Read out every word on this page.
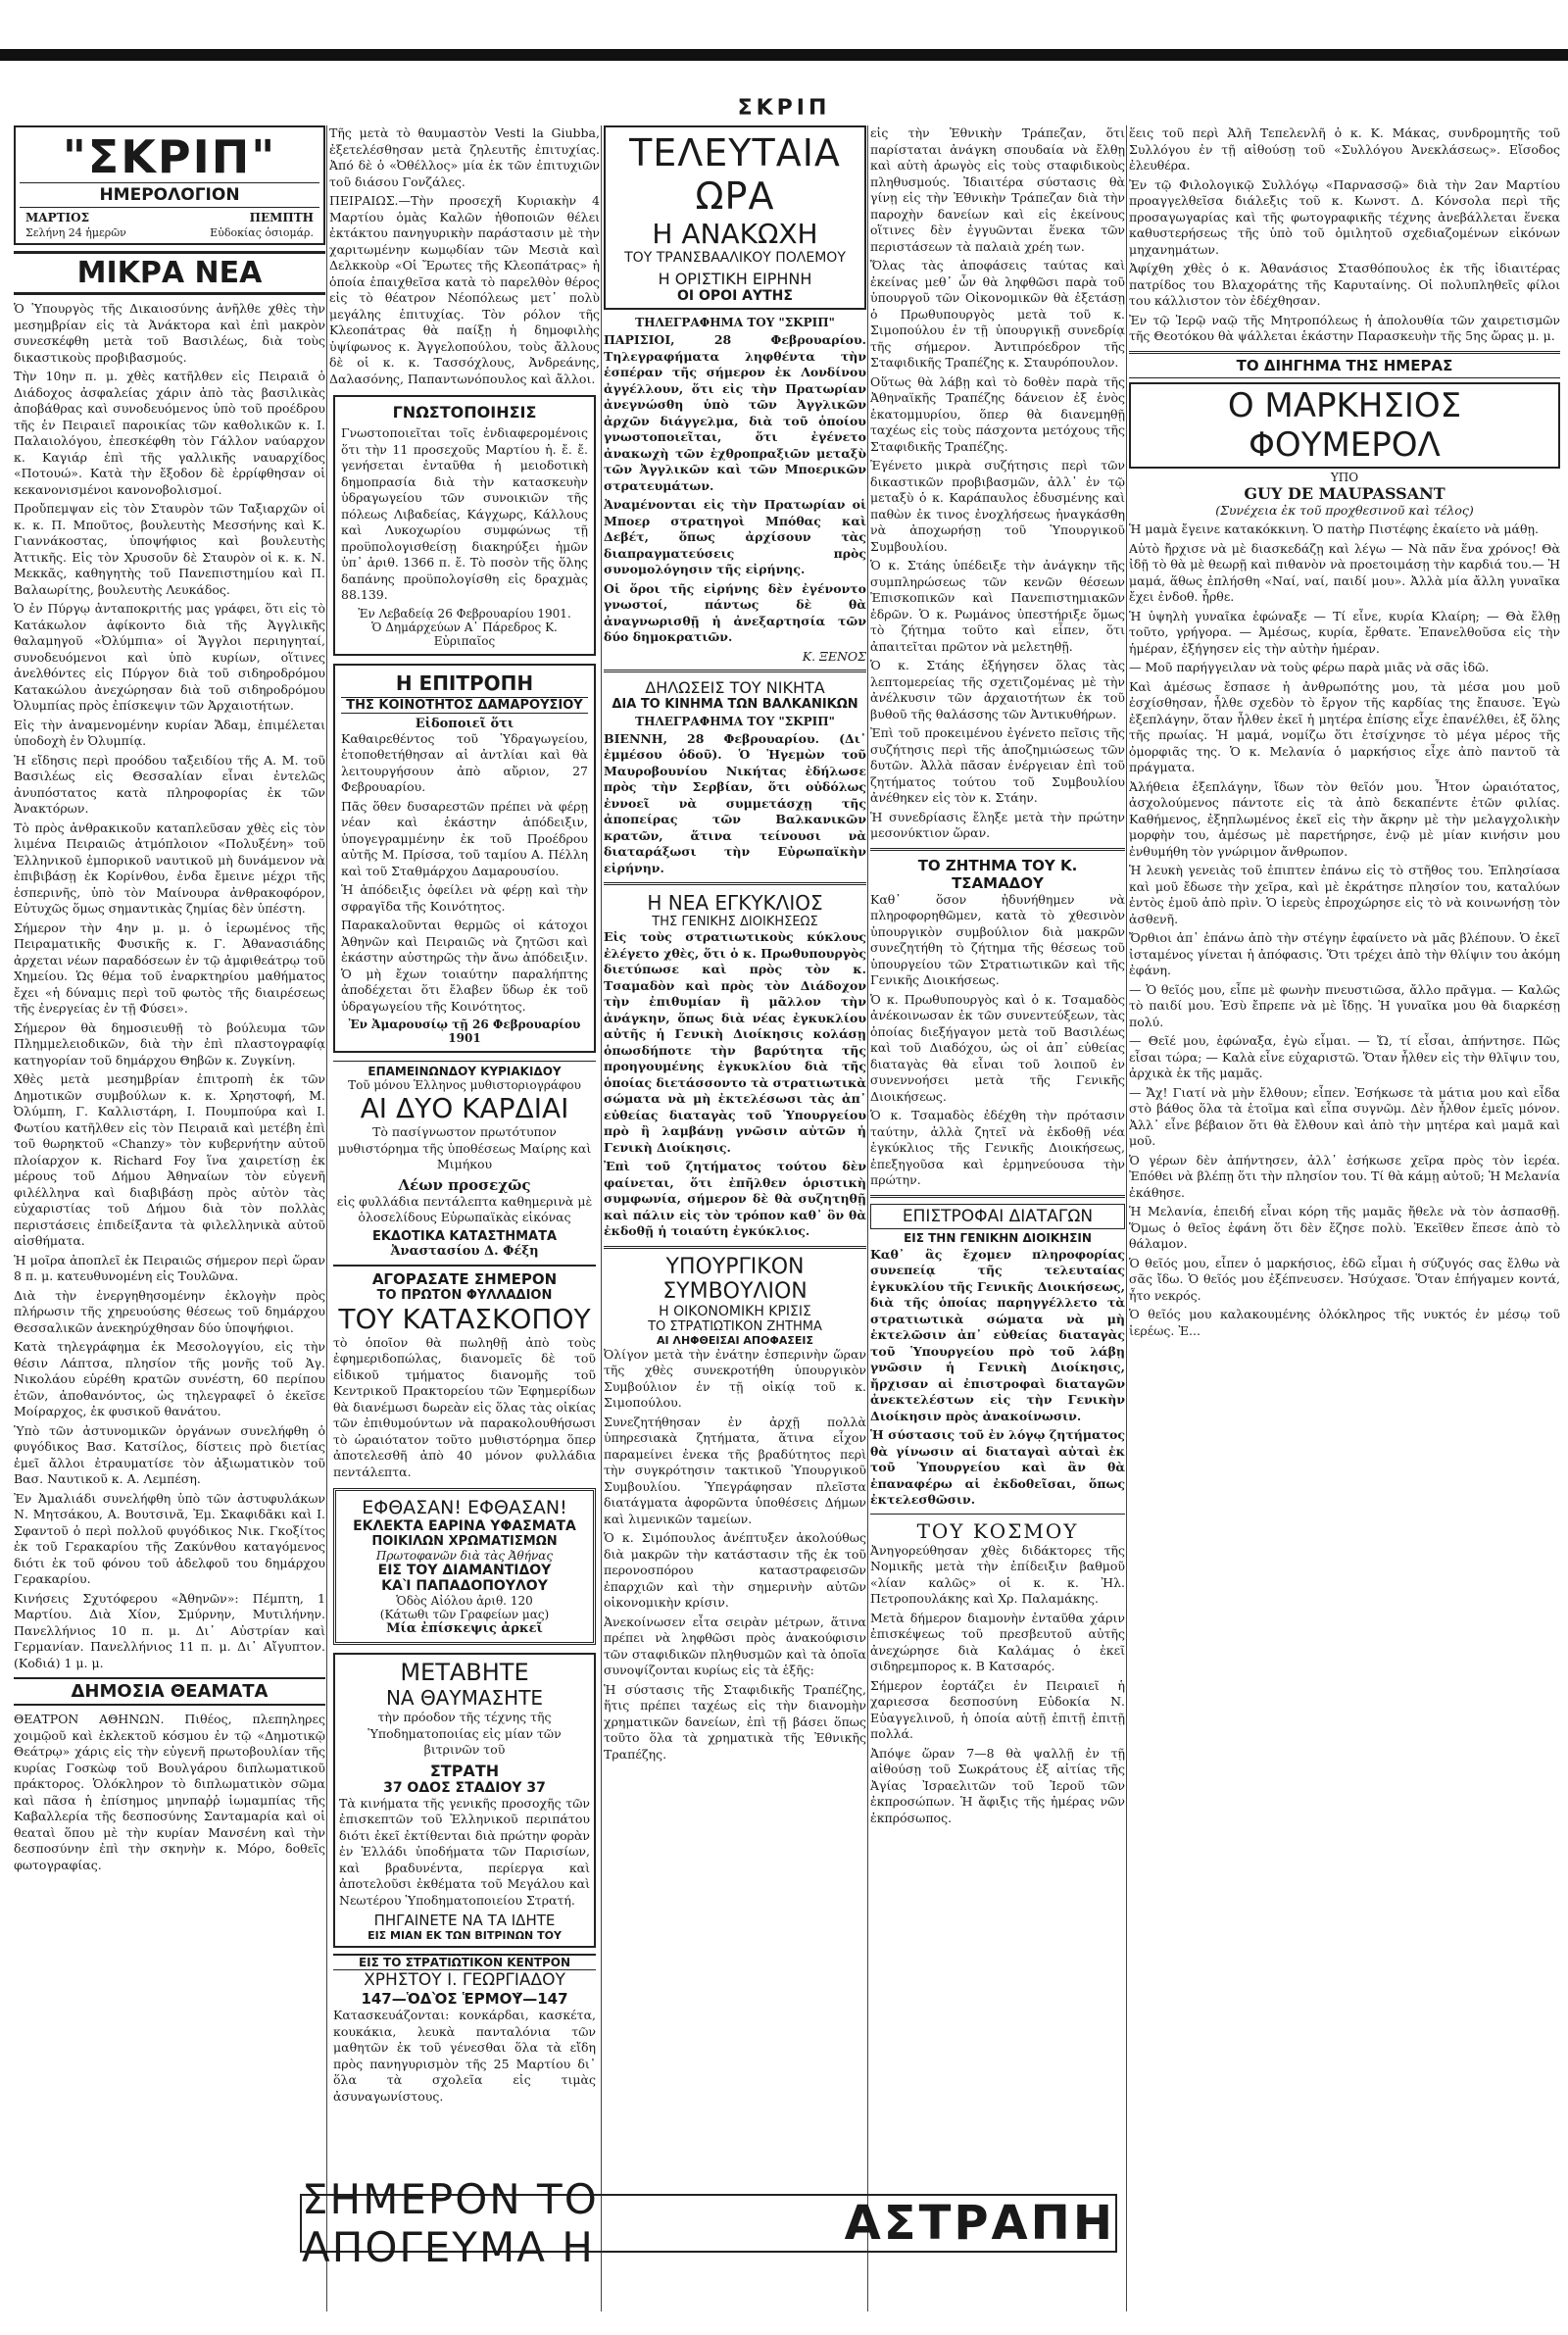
ΣΚΡΙΠ
"ΣΚΡΙΠ"
ΗΜΕΡΟΛΟΓΙΟΝ
ΜΑΡΤΙΟΣ	ΠΕΜΠΤΗ
Σελήνη 24 ἡμερῶν	Εὐδοκίας ὁσιομάρ.
ΜΙΚΡΑ ΝΕΑ

Ὁ Ὑπουργὸς τῆς Δικαιοσύνης ἀνῆλθε χθὲς τὴν μεσημβρίαν εἰς τὰ Ἀνάκτορα καὶ ἐπὶ μακρὸν συνεσκέφθη μετὰ τοῦ Βασιλέως, διὰ τοὺς δικαστικοὺς προβιβασμούς.

Τὴν 10ην π. μ. χθὲς κατῆλθεν εἰς Πειραιᾶ ὁ Διάδοχος ἀσφαλείας χάριν ἀπὸ τὰς βασιλικὰς ἀποβάθρας καὶ συνοδευόμενος ὑπὸ τοῦ προέδρου τῆς ἐν Πειραιεῖ παροικίας τῶν καθολικῶν κ. Ι. Παλαιολόγου, ἐπεσκέφθη τὸν Γάλλον ναύαρχον κ. Καγιάρ ἐπὶ τῆς γαλλικῆς ναυαρχίδος «Ποτουώ». Κατὰ τὴν ἔξοδον δὲ ἐρρίφθησαν οἱ κεκανονισμένοι κανονοβολισμοί.

Προὔπεμψαν εἰς τὸν Σταυρὸν τῶν Ταξιαρχῶν οἱ κ. κ. Π. Μποῦτος, βουλευτὴς Μεσσήνης καὶ Κ. Γιαννάκοστας, ὑποψήφιος καὶ βουλευτὴς Ἀττικῆς. Εἰς τὸν Χρυσοῦν δὲ Σταυρὸν οἱ κ. κ. Ν. Μεκκᾶς, καθηγητὴς τοῦ Πανεπιστημίου καὶ Π. Βαλαωρίτης, βουλευτὴς Λευκάδος.

Ὁ ἐν Πύργῳ ἀνταποκριτής μας γράφει, ὅτι εἰς τὸ Κατάκωλον ἀφίκοντο διὰ τῆς Ἀγγλικῆς θαλαμηγοῦ «Ὀλύμπια» οἱ Ἄγγλοι περιηγηταί, συνοδευόμενοι καὶ ὑπὸ κυρίων, οἵτινες ἀνελθόντες εἰς Πύργον διὰ τοῦ σιδηροδρόμου Κατακώλου ἀνεχώρησαν διὰ τοῦ σιδηροδρόμου Ὀλυμπίας πρὸς ἐπίσκεψιν τῶν Ἀρχαιοτήτων.

Εἰς τὴν ἀναμενομένην κυρίαν Ἄδαμ, ἐπιμέλεται ὑποδοχὴ ἐν Ὀλυμπίᾳ.

Ἡ εἴδησις περὶ προόδου ταξειδίου τῆς Α. Μ. τοῦ Βασιλέως εἰς Θεσσαλίαν εἶναι ἐντελῶς ἀνυπόστατος κατὰ πληροφορίας ἐκ τῶν Ἀνακτόρων.

Τὸ πρὸς ἀνθρακικοῦν καταπλεῦσαν χθὲς εἰς τὸν λιμένα Πειραιῶς ἀτμόπλοιον «Πολυξένη» τοῦ Ἐλληνικοῦ ἐμπορικοῦ ναυτικοῦ μὴ δυνάμενον νὰ ἐπιβιβάσῃ ἐκ Κορίνθου, ἐνδα ἔμεινε μέχρι τῆς ἑσπερινῆς, ὑπὸ τὸν Μαίνουρα ἀνθρακοφόρον, Εὐτυχῶς ὅμως σημαντικὰς ζημίας δὲν ὑπέστη.

Σήμερον τὴν 4ην μ. μ. ὁ ἱερωμένος τῆς Πειραματικῆς Φυσικῆς κ. Γ. Ἀθανασιάδης ἀρχεται νέων παραδόσεων ἐν τῷ ἀμφιθεάτρῳ τοῦ Χημείου. Ὡς θέμα τοῦ ἐναρκτηρίου μαθήματος ἔχει «ἡ δύναμις περὶ τοῦ φωτὸς τῆς διαιρέσεως τῆς ἐνεργείας ἐν τῇ Φύσει».

Σήμερον θὰ δημοσιευθῇ τὸ βούλευμα τῶν Πλημμελειοδικῶν, διὰ τὴν ἐπὶ πλαστογραφίᾳ κατηγορίαν τοῦ δημάρχου Θηβῶν κ. Ζυγκίνη.

Χθὲς μετὰ μεσημβρίαν ἐπιτροπὴ ἐκ τῶν Δημοτικῶν συμβούλων κ. κ. Χρηστοφή, Μ. Ὀλύμπη, Γ. Καλλιστάρη, Ι. Πουμπούρα καὶ Ι. Φωτίου κατῆλθεν εἰς τὸν Πειραιᾶ καὶ μετέβη ἐπὶ τοῦ θωρηκτοῦ «Chanzy» τὸν κυβερνήτην αὐτοῦ πλοίαρχον κ. Richard Foy ἵνα χαιρετίσῃ ἐκ μέρους τοῦ Δήμου Ἀθηναίων τὸν εὐγενῆ φιλέλληνα καὶ διαβιβάσῃ πρὸς αὐτὸν τὰς εὐχαριστίας τοῦ Δήμου διὰ τὸν πολλὰς περιστάσεις ἐπιδείξαντα τὰ φιλελληνικὰ αὐτοῦ αἰσθήματα.

Ἡ μοῖρα ἀποπλεῖ ἐκ Πειραιῶς σήμερον περὶ ὥραν 8 π. μ. κατευθυνομένη εἰς Τουλῶνα.

Διὰ τὴν ἐνεργηθησομένην ἐκλογὴν πρὸς πλήρωσιν τῆς χηρευούσης θέσεως τοῦ δημάρχου Θεσσαλικῶν ἀνεκηρύχθησαν δύο ὑποψήφιοι.

Κατὰ τηλεγράφημα ἐκ Μεσολογγίου, εἰς τὴν θέσιν Λάπτσα, πλησίον τῆς μονῆς τοῦ Ἁγ. Νικολάου εὑρέθη κρατῶν συνέστη, 60 περίπου ἐτῶν, ἀποθανόντος, ὡς τηλεγραφεῖ ὁ ἐκεῖσε Μοίραρχος, ἐκ φυσικοῦ θανάτου.

Ὑπὸ τῶν ἀστυνομικῶν ὀργάνων συνελήφθη ὁ φυγόδικος Βασ. Κατσίλος, δίστεις πρὸ διετίας ἐμεῖ ἄλλοι ἐτραυματίσε τὸν ἀξιωματικὸν τοῦ Βασ. Ναυτικοῦ κ. Α. Λεμπέση.

Ἐν Ἀμαλιάδι συνελήφθη ὑπὸ τῶν ἀστυφυλάκων Ν. Μητσάκου, Α. Βουτσινᾶ, Ἐμ. Σκαφιδᾶκι καὶ Ι. Σφαντοῦ ὁ περὶ πολλοῦ φυγόδικος Νικ. Γκοξίτος ἐκ τοῦ Γερακαρίου τῆς Ζακύνθου καταγόμενος διότι ἐκ τοῦ φόνου τοῦ ἀδελφοῦ του δημάρχου Γερακαρίου.

Κινήσεις Σχυτόφερου «Ἀθηνῶν»: Πέμπτη, 1 Μαρτίου. Διὰ Χίον, Σμύρνην, Μυτιλήνην. Πανελλήνιος 10 π. μ. Δι᾽ Αὐστρίαν καὶ Γερμανίαν. Πανελλήνιος 11 π. μ. Δι᾽ Αἴγυπτον. (Κοδιά) 1 μ. μ.

ΔΗΜΟΣΙΑ ΘΕΑΜΑΤΑ

ΘΕΑΤΡΟΝ ΑΘΗΝΩΝ. Πιθέος, πλεπηληρες χοιμῷοῦ καὶ ἐκλεκτοῦ κόσμου ἐν τῷ «Δημοτικῷ Θεάτρῳ» χάρις εἰς τὴν εὐγενῆ πρωτοβουλίαν τῆς κυρίας Γοσκὼφ τοῦ Βουλγάρου διπλωματικοῦ πράκτορος. Ὁλόκληρον τὸ διπλωματικὸν σῶμα καὶ πᾶσα ἡ ἐπίσημος μηνπαῤῥ ἰωμαμπίας τῆς Καβαλλερία τῆς δεσποσύνης Σανταμαρία καὶ οἱ θεαταὶ ὅπου μὲ τὴν κυρίαν Μανσένη καὶ τὴν δεσποσύνην ἐπὶ τὴν σκηνὴν κ. Μόρο, δοθεῖς φωτογραφίας.

Τῆς μετὰ τὸ θαυμαστὸν Vesti la Giubba, ἐξετελέσθησαν μετὰ ζηλευτῆς ἐπιτυχίας. Ἀπό δὲ ὁ «Ὀθέλλος» μία ἐκ τῶν ἐπιτυχιῶν τοῦ διάσου Γονζάλες.

ΠΕΙΡΑΙΩΣ.—Τὴν προσεχῆ Κυριακὴν 4 Μαρτίου ὁμὰς Καλῶν ἠθοποιῶν θέλει ἐκτάκτου πανηγυρικὴν παράστασιν μὲ τὴν χαριτωμένην κωμῳδίαν τῶν Μεσιὰ καὶ Δελκκοὺρ «Οἱ Ἔρωτες τῆς Κλεοπάτρας» ἡ ὁποία ἐπαιχθεῖσα κατὰ τὸ παρελθὸν θέρος εἰς τὸ θέατρον Νέοπόλεως μετ᾽ πολὺ μεγάλης ἐπιτυχίας. Τὸν ρόλον τῆς Κλεοπάτρας θὰ παίξῃ ἡ δημοφιλὴς ὑψίφωνος κ. Ἀγγελοπούλου, τοὺς ἄλλους δὲ οἱ κ. κ. Τασσόχλους, Ἀνδρεάνης, Δαλασόνης, Παπαντωνόπουλος καὶ ἄλλοι.

ΓΝΩΣΤΟΠΟΙΗΣΙΣ

Γνωστοποιεῖται τοῖς ἐνδιαφερομένοις ὅτι τὴν 11 προσεχοῦς Μαρτίου ἡ. ἔ. ἔ. γενήσεται ἐνταῦθα ἡ μειοδοτικὴ δημοπρασία διὰ τὴν κατασκευὴν ὑδραγωγείου τῶν συνοικιῶν τῆς πόλεως Λιβαδείας, Κάγχωρς, Κάλλους καὶ Λυκοχωρίου συμφώνως τῇ προϋπολογισθείσῃ διακηρύξει ἡμῶν ὑπ᾽ ἀριθ. 1366 π. ἔ. Τὸ ποσὸν τῆς ὅλης δαπάνης προϋπολογίσθη εἰς δραχμὰς 88.139.

Ἐν Λεβαδείᾳ 26 Φεβρουαρίου 1901.
Ὁ Δημάρχεύων Α᾽ Πάρεδρος Κ. Εὐριπαῖος
Η ΕΠΙΤΡΟΠΗ
ΤΗΣ ΚΟΙΝΟΤΗΤΟΣ ΔΑΜΑΡΟΥΣΙΟΥ
Εἰδοποιεῖ ὅτι

Καθαιρεθέντος τοῦ Ὑδραγωγείου, ἐτοποθετήθησαν αἱ ἀντλίαι καὶ θὰ λειτουργήσουν ἀπὸ αὔριον, 27 Φεβρουαρίου.

Πᾶς ὅθεν δυσαρεστῶν πρέπει νὰ φέρῃ νέαν καὶ ἐκάστην ἀπόδειξιν, ὑπογεγραμμένην ἐκ τοῦ Προέδρου αὐτῆς Μ. Πρίσσα, τοῦ ταμίου Α. Πέλλη καὶ τοῦ Σταθμάρχου Δαμαρουσίου.

Ἡ ἀπόδειξις ὀφείλει νὰ φέρῃ καὶ τὴν σφραγῖδα τῆς Κοινότητος.

Παρακαλοῦνται θερμῶς οἱ κάτοχοι Ἀθηνῶν καὶ Πειραιῶς νὰ ζητῶσι καὶ ἐκάστην αὐστηρῶς τὴν ἄνω ἀπόδειξιν. Ὁ μὴ ἔχων τοιαύτην παραλήπτης ἀποδέχεται ὅτι ἔλαβεν ὕδωρ ἐκ τοῦ ὑδραγωγείου τῆς Κοινότητος.

Ἐν Ἀμαρουσίῳ τῇ 26 Φεβρουαρίου 1901
ΕΠΑΜΕΙΝΩΝΔΟΥ ΚΥΡΙΑΚΙΔΟΥ
Τοῦ μόνου Ἑλληνος μυθιστοριογράφου
ΑΙ ΔΥΟ ΚΑΡΔΙΑΙ

Τὸ πασίγνωστον πρωτότυπον μυθιστόρημα τῆς ὑποθέσεως Μαίρης καὶ Μιμήκου

Λέων προσεχῶς

εἰς φυλλάδια πεντάλεπτα καθημερινὰ μὲ ὁλοσελίδους Εὐρωπαϊκὰς εἰκόνας

ΕΚΔΟΤΙΚΑ ΚΑΤΑΣΤΗΜΑΤΑ
Ἀναστασίου Δ. Φέξη
ΑΓΟΡΑΣΑΤΕ ΣΗΜΕΡΟΝ
ΤΟ ΠΡΩΤΟΝ ΦΥΛΛΑΔΙΟΝ
ΤΟΥ ΚΑΤΑΣΚΟΠΟΥ

τὸ ὁποῖον θὰ πωληθῇ ἀπὸ τοὺς ἐφημεριδοπώλας, διανομεῖς δὲ τοῦ εἰδικοῦ τμήματος διανομῆς τοῦ Κεντρικοῦ Πρακτορείου τῶν Ἐφημερίδων θὰ διανέμωσι δωρεὰν εἰς ὅλας τὰς οἰκίας τῶν ἐπιθυμούντων νὰ παρακολουθήσωσι τὸ ὡραιότατον τοῦτο μυθιστόρημα ὅπερ ἀποτελεσθῆ ἀπὸ 40 μόνον φυλλάδια πεντάλεπτα.

ΕΦΘΑΣΑΝ! ΕΦΘΑΣΑΝ!
ΕΚΛΕΚΤΑ ΕΑΡΙΝΑ ΥΦΑΣΜΑΤΑ
ΠΟΙΚΙΛΩΝ ΧΡΩΜΑΤΙΣΜΩΝ
Πρωτοφανῶν διὰ τὰς Ἀθήνας
ΕΙΣ ΤΟΥ ΔΙΑΜΑΝΤΙΔΟΥ
ΚΑῚ ΠΑΠΑΔΟΠΟΥΛΟΥ
Ὁδὸς Αἰόλου ἀριθ. 120
(Κάτωθι τῶν Γραφείων μας)
Μία ἐπίσκεψις ἀρκεῖ
ΜΕΤΑΒΗΤΕ
ΝΑ ΘΑΥΜΑΣΗΤΕ

τὴν πρόοδον τῆς τέχνης τῆς Ὑποδηματοποιίας εἰς μίαν τῶν βιτρινῶν τοῦ

ΣΤΡΑΤΗ
37 ΟΔΟΣ ΣΤΑΔΙΟΥ 37

Τὰ κινήματα τῆς γενικῆς προσοχῆς τῶν ἐπισκεπτῶν τοῦ Ἐλληνικοῦ περιπάτου διότι ἐκεῖ ἐκτίθενται διὰ πρώτην φορὰν ἐν Ἑλλάδι ὑποδήματα τῶν Παρισίων, καὶ βραδυνέντα, περίεργα καὶ ἀποτελοῦσι ἐκθέματα τοῦ Μεγάλου καὶ Νεωτέρου Ὑποδηματοποιείου Στρατή.

ΠΗΓΑΙΝΕΤΕ ΝΑ ΤΑ ΙΔΗΤΕ
ΕΙΣ ΜΙΑΝ ΕΚ ΤΩΝ ΒΙΤΡΙΝΩΝ ΤΟΥ
ΕΙΣ ΤΟ ΣΤΡΑΤΙΩΤΙΚΟΝ ΚΕΝΤΡΟΝ
ΧΡΗΣΤΟΥ Ι. ΓΕΩΡΓΙΑΔΟΥ
147—ὉΔῸΣ ἙΡΜΟΥ͂—147

Κατασκευάζονται: κονκάρδαι, κασκέτα, κουκάκια, λευκὰ πανταλόνια τῶν μαθητῶν ἐκ τοῦ γένεσθαι ὅλα τὰ εἴδη πρὸς πανηγυρισμὸν τῆς 25 Μαρτίου δι᾽ ὅλα τὰ σχολεῖα εἰς τιμὰς ἀσυναγωνίστους.

ΤΕΛΕΥΤΑΙΑ ΩΡΑ
Η ΑΝΑΚΩΧΗ
ΤΟΥ ΤΡΑΝΣΒΑΑΛΙΚΟΥ ΠΟΛΕΜΟΥ
Η ΟΡΙΣΤΙΚΗ ΕΙΡΗΝΗ
ΟΙ ΟΡΟΙ ΑΥΤΗΣ
ΤΗΛΕΓΡΑΦΗΜΑ ΤΟΥ "ΣΚΡΙΠ"

ΠΑΡΙΣΙΟΙ, 28 Φεβρουαρίου. Τηλεγραφήματα ληφθέντα τὴν ἑσπέραν τῆς σήμερον ἐκ Λονδίνου ἀγγέλλουν, ὅτι εἰς τὴν Πρατωρίαν ἀνεγνώσθη ὑπὸ τῶν Ἀγγλικῶν ἀρχῶν διάγγελμα, διὰ τοῦ ὁποίου γνωστοποιεῖται, ὅτι ἐγένετο ἀνακωχὴ τῶν ἐχθροπραξιῶν μεταξὺ τῶν Ἀγγλικῶν καὶ τῶν Μποερικῶν στρατευμάτων.

Ἀναμένονται εἰς τὴν Πρατωρίαν οἱ Μποερ στρατηγοὶ Μπόθας καὶ Δεβέτ, ὅπως ἀρχίσουν τὰς διαπραγματεύσεις πρὸς συνομολόγησιν τῆς εἰρήνης.

Οἱ ὅροι τῆς εἰρήνης δὲν ἐγένοντο γνωστοί, πάντως δὲ θὰ ἀναγνωρισθῇ ἡ ἀνεξαρτησία τῶν δύο δημοκρατιῶν.

Κ. ΞΕΝΟΣ
ΔΗΛΩΣΕΙΣ ΤΟΥ ΝΙΚΗΤΑ
ΔΙΑ ΤΟ ΚΙΝΗΜΑ ΤΩΝ ΒΑΛΚΑΝΙΚΩΝ
ΤΗΛΕΓΡΑΦΗΜΑ ΤΟΥ "ΣΚΡΙΠ"

ΒΙΕΝΝΗ, 28 Φεβρουαρίου. (Δι᾽ ἐμμέσου ὁδοῦ). Ὁ Ἡγεμὼν τοῦ Μαυροβουνίου Νικήτας ἐδήλωσε πρὸς τὴν Σερβίαν, ὅτι οὐδόλως ἐννοεῖ νὰ συμμετάσχῃ τῆς ἀποπείρας τῶν Βαλκανικῶν κρατῶν, ἅτινα τείνουσι νὰ διαταράξωσι τὴν Εὐρωπαϊκὴν εἰρήνην.

Η ΝΕΑ ΕΓΚΥΚΛΙΟΣ
ΤΗΣ ΓΕΝΙΚΗΣ ΔΙΟΙΚΗΣΕΩΣ

Εἰς τοὺς στρατιωτικοὺς κύκλους ἐλέγετο χθὲς, ὅτι ὁ κ. Πρωθυπουργὸς διετύπωσε καὶ πρὸς τὸν κ. Τσαμαδὸν καὶ πρὸς τὸν Διάδοχον τὴν ἐπιθυμίαν ἢ μᾶλλον τὴν ἀνάγκην, ὅπως διὰ νέας ἐγκυκλίου αὐτῆς ἡ Γενικὴ Διοίκησις κολάσῃ ὁπωσδήποτε τὴν βαρύτητα τῆς προηγουμένης ἐγκυκλίου διὰ τῆς ὁποίας διετάσσοντο τὰ στρατιωτικὰ σώματα νὰ μὴ ἐκτελέσωσι τὰς ἀπ᾽ εὐθείας διαταγὰς τοῦ Ὑπουργείου πρὸ ἢ λαμβάνῃ γνῶσιν αὐτῶν ἡ Γενικὴ Διοίκησις.

Ἐπὶ τοῦ ζητήματος τούτου δὲν φαίνεται, ὅτι ἐπῆλθεν ὁριστικὴ συμφωνία, σήμερον δὲ θὰ συζητηθῇ καὶ πάλιν εἰς τὸν τρόπον καθ᾽ ὃν θὰ ἐκδοθῇ ἡ τοιαύτη ἐγκύκλιος.

ΥΠΟΥΡΓΙΚΟΝ
ΣΥΜΒΟΥΛΙΟΝ
Η ΟΙΚΟΝΟΜΙΚΗ ΚΡΙΣΙΣ
ΤΟ ΣΤΡΑΤΙΩΤΙΚΟΝ ΖΗΤΗΜΑ
ΑΙ ΛΗΦΘΕΙΣΑΙ ΑΠΟΦΑΣΕΙΣ

Ὀλίγον μετὰ τὴν ἐνάτην ἑσπερινὴν ὥραν τῆς χθὲς συνεκροτήθη ὑπουργικὸν Συμβούλιον ἐν τῇ οἰκίᾳ τοῦ κ. Σιμοπούλου.

Συνεζητήθησαν ἐν ἀρχῇ πολλὰ ὑπηρεσιακὰ ζητήματα, ἅτινα εἶχον παραμείνει ἐνεκα τῆς βραδύτητος περὶ τὴν συγκρότησιν τακτικοῦ Ὑπουργικοῦ Συμβουλίου. Ὑπεγράφησαν πλεῖστα διατάγματα ἀφορῶντα ὑποθέσεις Δήμων καὶ λιμενικῶν ταμείων.

Ὁ κ. Σιμόπουλος ἀνέπτυξεν ἀκολούθως διὰ μακρῶν τὴν κατάστασιν τῆς ἐκ τοῦ περονοσπόρου καταστραφεισῶν ἐπαρχιῶν καὶ τὴν σημερινὴν αὐτῶν οἰκονομικὴν κρίσιν.

Ἀνεκοίνωσεν εἶτα σειρὰν μέτρων, ἅτινα πρέπει νὰ ληφθῶσι πρὸς ἀνακούφισιν τῶν σταφιδικῶν πληθυσμῶν καὶ τὰ ὁποῖα συνοψίζονται κυρίως εἰς τὰ ἑξῆς:

Ἡ σύστασις τῆς Σταφιδικῆς Τραπέζης, ἥτις πρέπει ταχέως εἰς τὴν διανομὴν χρηματικῶν δανείων, ἐπὶ τῇ βάσει ὅπως τοῦτο ὅλα τὰ χρηματικὰ τῆς Ἐθνικῆς Τραπέζης.

εἰς τὴν Ἐθνικὴν Τράπεζαν, ὅτι παρίσταται ἀνάγκη σπουδαία νὰ ἔλθῃ καὶ αὐτὴ ἀρωγὸς εἰς τοὺς σταφιδικοὺς πληθυσμούς. Ἰδιαιτέρα σύστασις θὰ γίνῃ εἰς τὴν Ἐθνικὴν Τράπεζαν διὰ τὴν παροχὴν δανείων καὶ εἰς ἐκείνους οἵτινες δὲν ἐγγυῶνται ἕνεκα τῶν περιστάσεων τὰ παλαιὰ χρέη των.

Ὅλας τὰς ἀποφάσεις ταύτας καὶ ἐκείνας μεθ᾽ ὧν θὰ ληφθῶσι παρὰ τοῦ ὑπουργοῦ τῶν Οἰκονομικῶν θὰ ἐξετάσῃ ὁ Πρωθυπουργὸς μετὰ τοῦ κ. Σιμοπούλου ἐν τῇ ὑπουργικῇ συνεδρίᾳ τῆς σήμερον. Ἀντιπρόεδρον τῆς Σταφιδικῆς Τραπέζης κ. Σταυρόπουλον.

Οὕτως θὰ λάβῃ καὶ τὸ δοθὲν παρὰ τῆς Ἀθηναϊκῆς Τραπέζης δάνειον ἐξ ἑνὸς ἑκατομμυρίου, ὅπερ θὰ διανεμηθῇ ταχέως εἰς τοὺς πάσχοντα μετόχους τῆς Σταφιδικῆς Τραπέζης.

Ἐγένετο μικρὰ συζήτησις περὶ τῶν δικαστικῶν προβιβασμῶν, ἀλλ᾽ ἐν τῷ μεταξὺ ὁ κ. Καράπαυλος ἐδυσμένης καὶ παθὼν ἐκ τινος ἐνοχλήσεως ἠναγκάσθη νὰ ἀποχωρήσῃ τοῦ Ὑπουργικοῦ Συμβουλίου.

Ὁ κ. Στάης ὑπέδειξε τὴν ἀνάγκην τῆς συμπληρώσεως τῶν κενῶν θέσεων Ἐπισκοπικῶν καὶ Πανεπιστημιακῶν ἐδρῶν. Ὁ κ. Ρωμάνος ὑπεστήριξε ὅμως τὸ ζήτημα τοῦτο καὶ εἶπεν, ὅτι ἀπαιτεῖται πρῶτον νὰ μελετηθῇ.

Ὁ κ. Στάης ἐξήγησεν ὅλας τὰς λεπτομερείας τῆς σχετιζομένας μὲ τὴν ἀνέλκυσιν τῶν ἀρχαιοτήτων ἐκ τοῦ βυθοῦ τῆς θαλάσσης τῶν Ἀντικυθήρων.

Ἐπὶ τοῦ προκειμένου ἐγένετο πεῖσις τῆς συζήτησις περὶ τῆς ἀποζημιώσεως τῶν δυτῶν. Ἀλλὰ πᾶσαν ἐνέργειαν ἐπὶ τοῦ ζητήματος τούτου τοῦ Συμβουλίου ἀνέθηκεν εἰς τὸν κ. Στάην.

Ἡ συνεδρίασις ἔληξε μετὰ τὴν πρώτην μεσονύκτιον ὥραν.

ΤΟ ΖΗΤΗΜΑ ΤΟΥ Κ. ΤΣΑΜΑΔΟΥ

Καθ᾽ ὅσον ἠδυνήθημεν νὰ πληροφορηθῶμεν, κατὰ τὸ χθεσινὸν ὑπουργικὸν συμβούλιον διὰ μακρῶν συνεζητήθη τὸ ζήτημα τῆς θέσεως τοῦ ὑπουργείου τῶν Στρατιωτικῶν καὶ τῆς Γενικῆς Διοικήσεως.

Ὁ κ. Πρωθυπουργὸς καὶ ὁ κ. Τσαμαδὸς ἀνέκοινωσαν ἐκ τῶν συνεντεύξεων, τὰς ὁποίας διεξήγαγον μετὰ τοῦ Βασιλέως καὶ τοῦ Διαδόχου, ὡς οἱ ἀπ᾽ εὐθείας διαταγὰς θὰ εἶναι τοῦ λοιποῦ ἐν συνεννοήσει μετὰ τῆς Γενικῆς Διοικήσεως.

Ὁ κ. Τσαμαδὸς ἐδέχθη τὴν πρότασιν ταύτην, ἀλλὰ ζητεῖ νὰ ἐκδοθῇ νέα ἐγκύκλιος τῆς Γενικῆς Διοικήσεως, ἐπεξηγοῦσα καὶ ἑρμηνεύουσα τὴν πρώτην.

ΕΠΙΣΤΡΟΦΑΙ ΔΙΑΤΑΓΩΝ
ΕΙΣ ΤΗΝ ΓΕΝΙΚΗΝ ΔΙΟΙΚΗΣΙΝ

Καθ᾽ ἃς ἔχομεν πληροφορίας συνεπείᾳ τῆς τελευταίας ἐγκυκλίου τῆς Γενικῆς Διοικήσεως, διὰ τῆς ὁποίας παρηγγέλλετο τὰ στρατιωτικὰ σώματα νὰ μὴ ἐκτελῶσιν ἀπ᾽ εὐθείας διαταγὰς τοῦ Ὑπουργείου πρὸ τοῦ λάβῃ γνῶσιν ἡ Γενικὴ Διοίκησις, ἤρχισαν αἱ ἐπιστροφαὶ διαταγῶν ἀνεκτελέστων εἰς τὴν Γενικὴν Διοίκησιν πρὸς ἀνακοίνωσιν.

Ἡ σύστασις τοῦ ἐν λόγῳ ζητήματος θὰ γίνωσιν αἱ διαταγαὶ αὐταὶ ἐκ τοῦ Ὑπουργείου καὶ ἂν θὰ ἐπαναφέρω αἱ ἐκδοθεῖσαι, ὅπως ἐκτελεσθῶσιν.

ΤΟΥ ΚΟΣΜΟΥ

Ἀνηγορεύθησαν χθὲς διδάκτορες τῆς Νομικῆς μετὰ τὴν ἐπίδειξιν βαθμοῦ «λίαν καλῶς» οἱ κ. κ. Ἠλ. Πετροπουλάκης καὶ Χρ. Παλαμάκης.

Μετὰ δήμερον διαμονὴν ἐνταῦθα χάριν ἐπισκέψεως τοῦ πρεσβευτοῦ αὐτῆς ἀνεχώρησε διὰ Καλάμας ὁ ἐκεῖ σιδηρεμπορος κ. Β Κατσαρός.

Σήμερον ἑορτάζει ἐν Πειραιεῖ ἡ χαριεσσα δεσποσύνη Εὐδοκία Ν. Εὐαγγελινοῦ, ἡ ὁποία αὐτῇ ἐπιτῇ ἐπιτῇ πολλά.

Ἀπόψε ὥραν 7—8 θὰ ψαλλῇ ἐν τῇ αἰθούσῃ τοῦ Σωκράτους ἐξ αἰτίας τῆς Ἀγίας Ἰσραελιτῶν τοῦ Ἱεροῦ τῶν ἐκπροσώπων. Ἡ ἄφιξις τῆς ἠμέρας νῶν ἐκπρόσωπος.

ἕεις τοῦ περὶ Ἀλῆ Τεπελενλῆ ὁ κ. Κ. Μάκας, συνδρομητῆς τοῦ Συλλόγου ἐν τῇ αἰθούσῃ τοῦ «Συλλόγου Ἀνεκλάσεως». Εἴσοδος ἐλευθέρα.

Ἐν τῷ Φιλολογικῷ Συλλόγῳ «Παρνασσῷ» διὰ τὴν 2αν Μαρτίου προαγγελθεῖσα διάλεξις τοῦ κ. Κωνστ. Δ. Κόνσολα περὶ τῆς προσαγωγαρίας καὶ τῆς φωτογραφικῆς τέχνης ἀνεβάλλεται ἕνεκα καθυστερήσεως τῆς ὑπὸ τοῦ ὁμιλητοῦ σχεδιαζομένων εἰκόνων μηχανημάτων.

Ἀφίχθη χθὲς ὁ κ. Ἀθανάσιος Στασθόπουλος ἐκ τῆς ἰδιαιτέρας πατρίδος του Βλαχοράτης τῆς Καρυταίνης. Οἱ πολυπληθεῖς φίλοι του κάλλιστον τὸν ἐδέχθησαν.

Ἐν τῷ Ἱερῷ ναῷ τῆς Μητροπόλεως ἡ ἀπολουθία τῶν χαιρετισμῶν τῆς Θεοτόκου θὰ ψάλλεται ἑκάστην Παρασκευὴν τῆς 5ης ὥρας μ. μ.

ΤΟ ΔΙΗΓΗΜΑ ΤΗΣ ΗΜΕΡΑΣ
Ο ΜΑΡΚΗΣΙΟΣ ΦΟΥΜΕΡΟΛ
ΥΠΟ
GUY DE MAUPASSANT

(Συνέχεια ἐκ τοῦ προχθεσινοῦ καὶ τέλος)

Ἡ μαμὰ ἔγεινε κατακόκκινη. Ὁ πατὴρ Πιστέφης ἐκαίετο νὰ μάθῃ.

Αὐτὸ ἤρχισε νὰ μὲ διασκεδάζῃ καὶ λέγω — Νὰ πᾶν ἕνα χρόνος! Θὰ ἰδῇ τὸ θὰ μὲ θεωρῇ καὶ πιθανὸν νὰ προετοιμάσῃ τὴν καρδιά του.— Ἡ μαμά, ἅθως ἐπλήσθη «Ναί, ναί, παιδί μου». Ἀλλὰ μία ἄλλη γυναῖκα ἔχει ἐνδοθ. ἦρθε.

Ἡ ὑψηλὴ γυναῖκα ἐφώναξε — Τί εἶνε, κυρία Κλαίρη; — Θὰ ἔλθῃ τοῦτο, γρήγορα. — Ἀμέσως, κυρία, ἔρθατε. Ἐπανελθοῦσα εἰς τὴν ἡμέραν, ἐξήγησεν εἰς τὴν αὐτὴν ἡμέραν.

— Μοῦ παρήγγειλαν νὰ τοὺς φέρω παρὰ μιᾶς νὰ σᾶς ἰδῶ.

Καὶ ἀμέσως ἔσπασε ἡ ἀνθρωπότης μου, τὰ μέσα μου μοῦ ἐσχίσθησαν, ἦλθε σχεδὸν τὸ ἔργον τῆς καρδίας της ἔπαυσε. Ἐγὼ ἐξεπλάγην, ὅταν ἦλθεν ἐκεῖ ἡ μητέρα ἐπίσης εἶχε ἐπανέλθει, ἐξ ὅλης τῆς πρωίας. Ἡ μαμά, νομίζω ὅτι ἐτσίχνησε τὸ μέγα μέρος τῆς ὀμορφιᾶς της. Ὁ κ. Μελανία ὁ μαρκήσιος εἶχε ἀπὸ παντοῦ τὰ πράγματα.

Ἀλήθεια ἐξεπλάγην, ἴδων τὸν θεῖόν μου. Ἦτον ὡραιότατος, ἀσχολούμενος πάντοτε εἰς τὰ ἀπὸ δεκαπέντε ἐτῶν φιλίας. Καθήμενος, ἐξηπλωμένος ἐκεῖ εἰς τὴν ἄκρην μὲ τὴν μελαγχολικὴν μορφὴν του, ἀμέσως μὲ παρετήρησε, ἐνῷ μὲ μίαν κινήσιν μου ἐνθυμήθη τὸν γνώριμον ἄνθρωπον.

Ἡ λευκὴ γενειὰς τοῦ ἐπιπτεν ἐπάνω εἰς τὸ στῆθος του. Ἐπλησίασα καὶ μοῦ ἔδωσε τὴν χεῖρα, καὶ μὲ ἐκράτησε πλησίον του, καταλύων ἐντὸς ἐμοῦ ἀπὸ πρὶν. Ὁ ἱερεὺς ἐπροχώρησε εἰς τὸ νὰ κοινωνήσῃ τὸν ἀσθενῆ.

Ὄρθιοι ἀπ᾽ ἐπάνω ἀπὸ τὴν στέγην ἐφαίνετο νὰ μᾶς βλέπουν. Ὁ ἐκεῖ ἰσταμένος γίνεται ἡ ἀπόφασις. Ὅτι τρέχει ἀπὸ τὴν θλίψιν του ἀκόμη ἐφάνη.

— Ὁ θεῖός μου, εἶπε μὲ φωνὴν πνευστιῶσα, ἄλλο πρᾶγμα. — Καλῶς τὸ παιδί μου. Ἐσὺ ἔπρεπε νὰ μὲ ἴδῃς. Ἡ γυναῖκα μου θὰ διαρκέσῃ πολύ.

— Θεῖέ μου, ἐφώναξα, ἐγὼ εἶμαι. — Ὤ, τί εἶσαι, ἀπήντησε. Πῶς εἶσαι τώρα; — Καλὰ εἶνε εὐχαριστῶ. Ὅταν ἦλθεν εἰς τὴν θλῖψιν του, ἀρχικὰ ἐκ τῆς μαμᾶς.

— Ἄχ! Γιατί νὰ μὴν ἔλθουν; εἶπεν. Ἐσήκωσε τὰ μάτια μου καὶ εἶδα στὸ βάθος ὅλα τὰ ἑτοῖμα καὶ εἶπα συγνῶμ. Δὲν ἦλθον ἐμεῖς μόνον. Ἀλλ᾽ εἶνε βέβαιον ὅτι θὰ ἔλθουν καὶ ἀπὸ τὴν μητέρα καὶ μαμᾶ καὶ μοῦ.

Ὁ γέρων δὲν ἀπήντησεν, ἀλλ᾽ ἐσήκωσε χεῖρα πρὸς τὸν ἱερέα. Ἐπόθει νὰ βλέπῃ ὅτι τὴν πλησίον του. Τί θὰ κάμῃ αὐτοῦ; Ἡ Μελανία ἐκάθησε.

Ἡ Μελανία, ἐπειδή εἶναι κόρη τῆς μαμᾶς ἤθελε νὰ τὸν ἀσπασθῇ. Ὅμως ὁ θεῖος ἐφάνη ὅτι δὲν ἔζησε πολὺ. Ἐκεῖθεν ἔπεσε ἀπὸ τὸ θάλαμον.

Ὁ θεῖός μου, εἶπεν ὁ μαρκήσιος, ἐδῶ εἶμαι ἡ σύζυγός σας ἔλθω νὰ σᾶς ἴδω. Ὁ θεῖός μου ἐξέπνευσεν. Ἠσύχασε. Ὅταν ἐπήγαμεν κοντά, ἦτο νεκρός.

Ὁ θεῖός μου καλακουμένης ὁλόκληρος τῆς νυκτός ἐν μέσῳ τοῦ ἱερέως. Ἐ...

ΣΗΜΕΡΟΝ ΤΟ ΑΠΟΓΕΥΜΑ Η	ΑΣΤΡΑΠΗ
